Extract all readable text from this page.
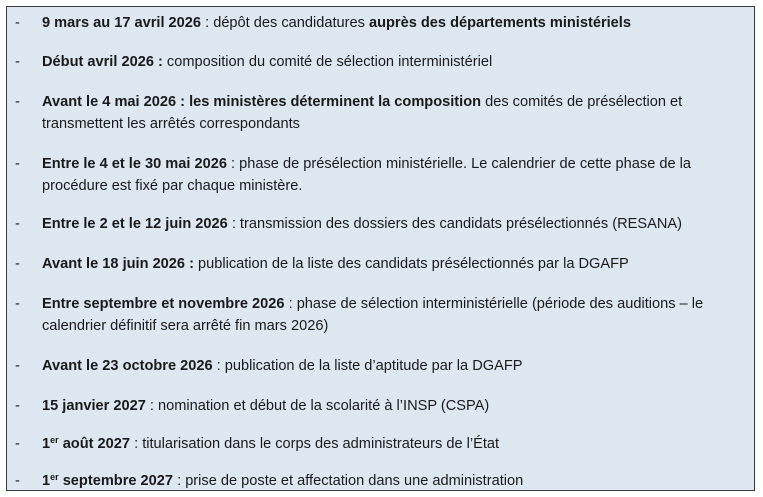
- 9 mars au 17 avril 2026 : dépôt des candidatures auprès des départements ministériels
- Début avril 2026 : composition du comité de sélection interministériel
- Avant le 4 mai 2026 : les ministères déterminent la composition des comités de présélection et transmettent les arrêtés correspondants
- Entre le 4 et le 30 mai 2026 : phase de présélection ministérielle. Le calendrier de cette phase de la procédure est fixé par chaque ministère.
- Entre le 2 et le 12 juin 2026 : transmission des dossiers des candidats présélectionnés (RESANA)
- Avant le 18 juin 2026 : publication de la liste des candidats présélectionnés par la DGAFP
- Entre septembre et novembre 2026 : phase de sélection interministérielle (période des auditions – le calendrier définitif sera arrêté fin mars 2026)
- Avant le 23 octobre 2026 : publication de la liste d’aptitude par la DGAFP
- 15 janvier 2027 : nomination et début de la scolarité à l’INSP (CSPA)
- 1er août 2027 : titularisation dans le corps des administrateurs de l’État
- 1er septembre 2027 : prise de poste et affectation dans une administration
